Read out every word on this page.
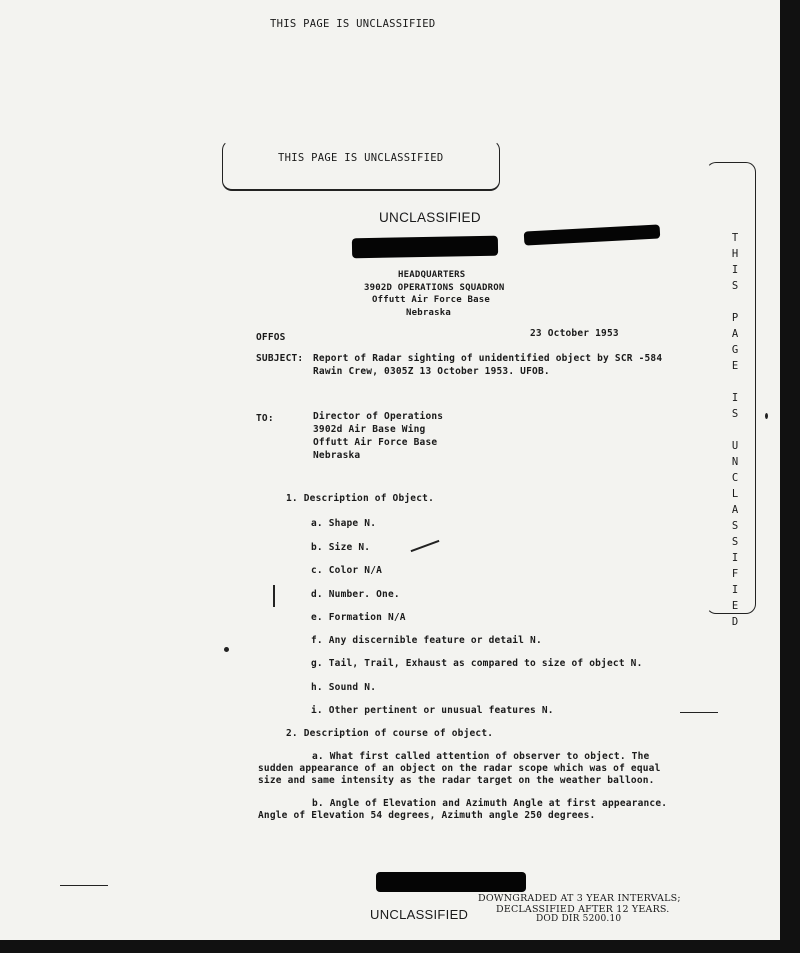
THIS PAGE IS UNCLASSIFIED
THIS PAGE IS UNCLASSIFIED
UNCLASSIFIED
HEADQUARTERS
3902D OPERATIONS SQUADRON
Offutt Air Force Base
Nebraska
OFFOS	23 October 1953
SUBJECT: Report of Radar sighting of unidentified object by SCR -584
Rawin Crew, 0305Z 13 October 1953. UFOB.
TO:	Director of Operations
3902d Air Base Wing
Offutt Air Force Base
Nebraska
1. Description of Object.
a. Shape N.
b. Size N.
c. Color N/A
d. Number. One.
e. Formation N/A
f. Any discernible feature or detail N.
g. Tail, Trail, Exhaust as compared to size of object N.
h. Sound N.
i. Other pertinent or unusual features N.
2. Description of course of object.
a. What first called attention of observer to object. The
sudden appearance of an object on the radar scope which was of equal
size and same intensity as the radar target on the weather balloon.
b. Angle of Elevation and Azimuth Angle at first appearance.
Angle of Elevation 54 degrees, Azimuth angle 250 degrees.
T
H
I
S
P
A
G
E
I
S
U
N
C
L
A
S
S
I
F
I
E
D
UNCLASSIFIED
DOWNGRADED AT 3 YEAR INTERVALS;
DECLASSIFIED AFTER 12 YEARS.
DOD DIR 5200.10
